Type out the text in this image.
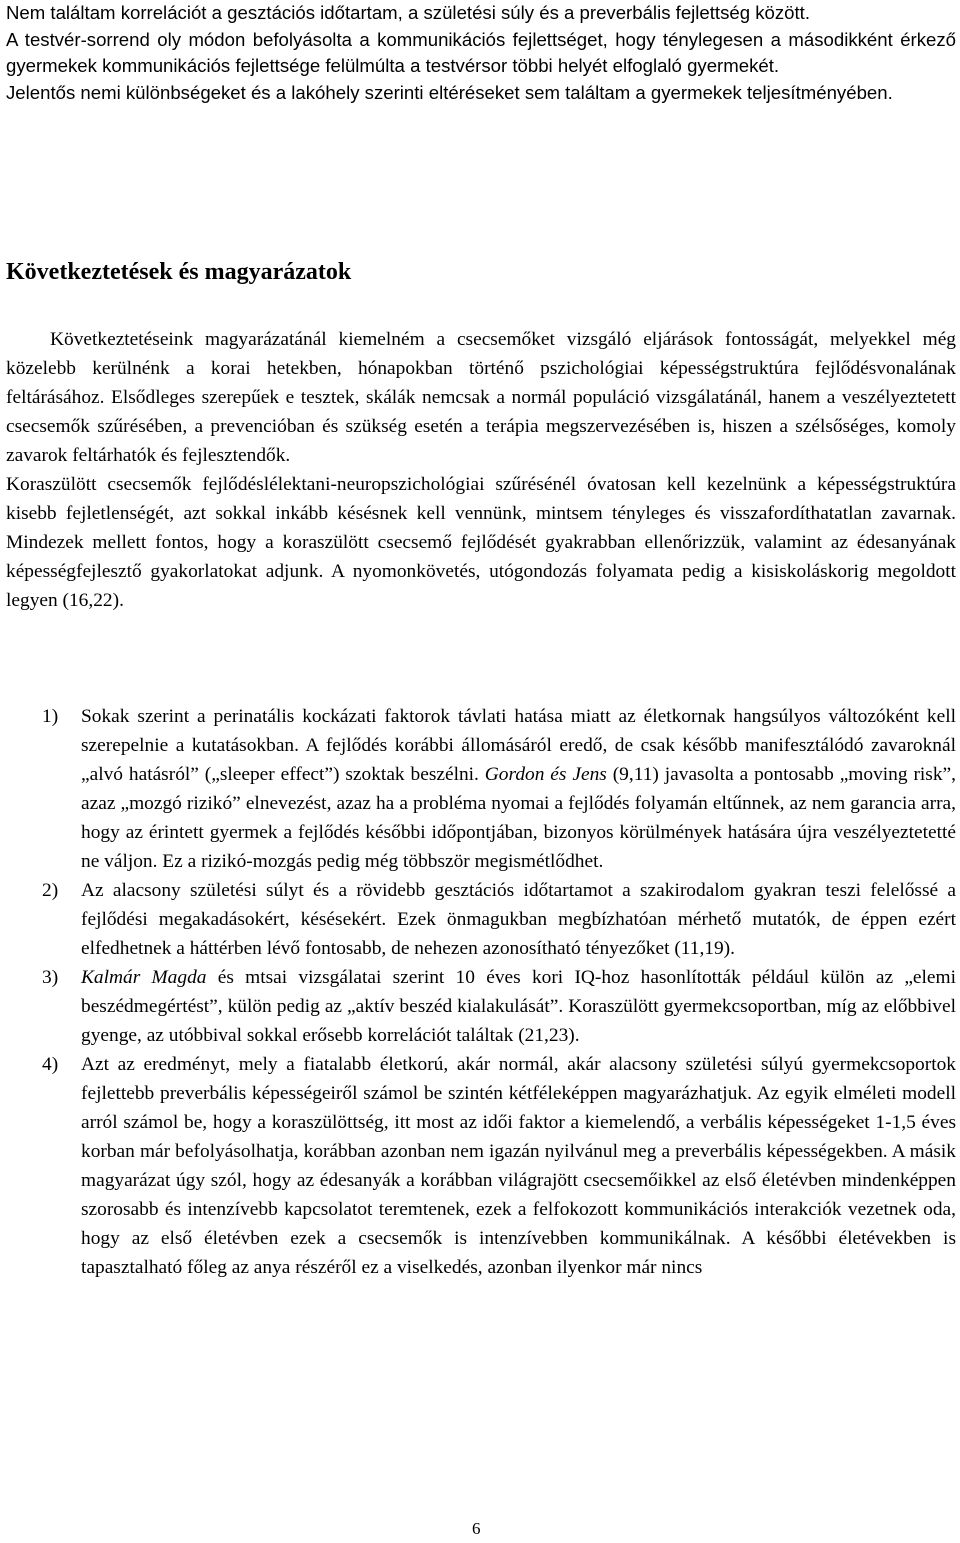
Nem találtam korrelációt a gesztációs időtartam, a születési súly és a preverbális fejlettség között.

A testvér-sorrend oly módon befolyásolta a kommunikációs fejlettséget, hogy ténylegesen a másodikként érkező gyermekek kommunikációs fejlettsége felülmúlta a testvérsor többi helyét elfoglaló gyermekét.

Jelentős nemi különbségeket és a lakóhely szerinti eltéréseket sem találtam a gyermekek teljesítményében.

Következtetések és magyarázatok

Következtetéseink magyarázatánál kiemelném a csecsemőket vizsgáló eljárások fontosságát, melyekkel még közelebb kerülnénk a korai hetekben, hónapokban történő pszichológiai képességstruktúra fejlődésvonalának feltárásához. Elsődleges szerepűek e tesztek, skálák nemcsak a normál populáció vizsgálatánál, hanem a veszélyeztetett csecsemők szűrésében, a prevencióban és szükség esetén a terápia megszervezésében is, hiszen a szélsőséges, komoly zavarok feltárhatók és fejlesztendők.

Koraszülött csecsemők fejlődéslélektani-neuropszichológiai szűrésénél óvatosan kell kezelnünk a képességstruktúra kisebb fejletlenségét, azt sokkal inkább késésnek kell vennünk, mintsem tényleges és visszafordíthatatlan zavarnak. Mindezek mellett fontos, hogy a koraszülött csecsemő fejlődését gyakrabban ellenőrizzük, valamint az édesanyának képességfejlesztő gyakorlatokat adjunk. A nyomonkövetés, utógondozás folyamata pedig a kisiskoláskorig megoldott legyen (16,22).

1) Sokak szerint a perinatális kockázati faktorok távlati hatása miatt az életkornak hangsúlyos változóként kell szerepelnie a kutatásokban. A fejlődés korábbi állomásáról eredő, de csak később manifesztálódó zavaroknál „alvó hatásról” („sleeper effect”) szoktak beszélni. Gordon és Jens (9,11) javasolta a pontosabb „moving risk”, azaz „mozgó rizikó” elnevezést, azaz ha a probléma nyomai a fejlődés folyamán eltűnnek, az nem garancia arra, hogy az érintett gyermek a fejlődés későbbi időpontjában, bizonyos körülmények hatására újra veszélyeztetetté ne váljon. Ez a rizikó-mozgás pedig még többször megismétlődhet.
2) Az alacsony születési súlyt és a rövidebb gesztációs időtartamot a szakirodalom gyakran teszi felelőssé a fejlődési megakadásokért, késésekért. Ezek önmagukban megbízhatóan mérhető mutatók, de éppen ezért elfedhetnek a háttérben lévő fontosabb, de nehezen azonosítható tényezőket (11,19).
3) Kalmár Magda és mtsai vizsgálatai szerint 10 éves kori IQ-hoz hasonlították például külön az „elemi beszédmegértést”, külön pedig az „aktív beszéd kialakulását”. Koraszülött gyermekcsoportban, míg az előbbivel gyenge, az utóbbival sokkal erősebb korrelációt találtak (21,23).
4) Azt az eredményt, mely a fiatalabb életkorú, akár normál, akár alacsony születési súlyú gyermekcsoportok fejlettebb preverbális képességeiről számol be szintén kétféleképpen magyarázhatjuk. Az egyik elméleti modell arról számol be, hogy a koraszülöttség, itt most az idői faktor a kiemelendő, a verbális képességeket 1-1,5 éves korban már befolyásolhatja, korábban azonban nem igazán nyilvánul meg a preverbális képességekben. A másik magyarázat úgy szól, hogy az édesanyák a korábban világrajött csecsemőikkel az első életévben mindenképpen szorosabb és intenzívebb kapcsolatot teremtenek, ezek a felfokozott kommunikációs interakciók vezetnek oda, hogy az első életévben ezek a csecsemők is intenzívebben kommunikálnak. A későbbi életévekben is tapasztalható főleg az anya részéről ez a viselkedés, azonban ilyenkor már nincs
6
